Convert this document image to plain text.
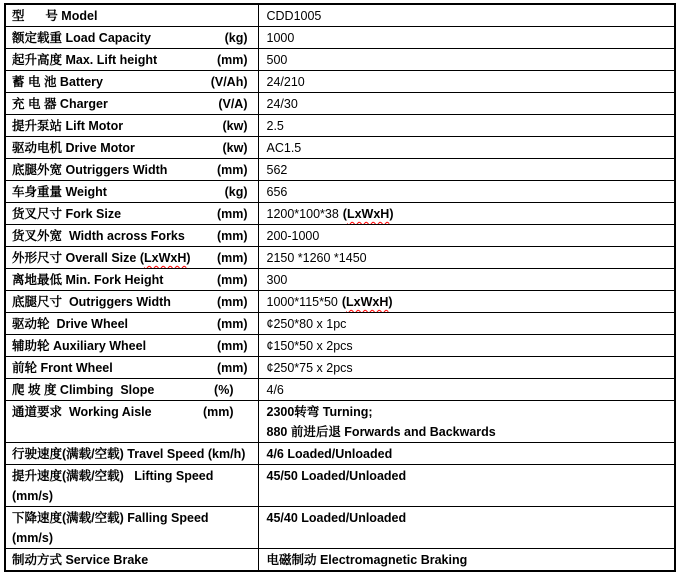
型      号 Model	CDD1005

额定载重 Load Capacity (kg)	1000

起升高度 Max. Lift height (mm)	500

蓄 电 池 Battery (V/Ah)	24/210

充 电 器 Charger (V/A)	24/30

提升泵站 Lift Motor (kw)	2.5

驱动电机 Drive Motor (kw)	AC1.5

底腿外宽 Outriggers Width (mm)	562

车身重量 Weight (kg)	656

货叉尺寸 Fork Size (mm)	1200*100*38 (LxWxH)

货叉外宽  Width across Forks (mm)	200-1000

外形尺寸 Overall Size (LxWxH) (mm)	2150 *1260 *1450

离地最低 Min. Fork Height (mm)	300

底腿尺寸  Outriggers Width (mm)	1000*115*50 (LxWxH)

驱动轮  Drive Wheel (mm)	¢250*80 x 1pc

辅助轮 Auxiliary Wheel (mm)	¢150*50 x 2pcs

前轮 Front Wheel (mm)	¢250*75 x 2pcs

爬 坡 度 Climbing  Slope (%)	4/6

通道要求  Working Aisle	(mm)	2300转弯 Turning;
880 前进后退 Forwards and Backwards

行驶速度(满载/空载) Travel Speed (km/h)	4/6 Loaded/Unloaded

提升速度(满载/空载)   Lifting Speed
(mm/s)	45/50 Loaded/Unloaded

下降速度(满载/空载) Falling Speed
(mm/s)	45/40 Loaded/Unloaded

制动方式 Service Brake	电磁制动 Electromagnetic Braking
